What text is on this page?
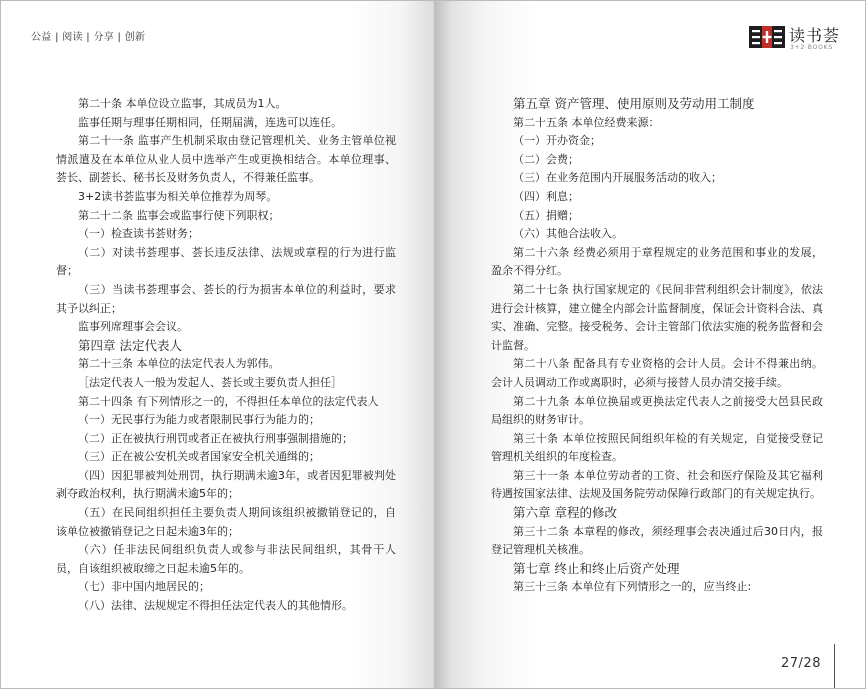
公益 | 阅读 | 分享 | 创新	读书荟
3+2 BOOKS

第二十条 本单位设立监事，其成员为1人。

监事任期与理事任期相同，任期届满，连选可以连任。

第二十一条 监事产生机制采取由登记管理机关、业务主管单位视情派遣及在本单位从业人员中选举产生或更换相结合。本单位理事、荟长、副荟长、秘书长及财务负责人，不得兼任监事。

3+2读书荟监事为相关单位推荐为周琴。

第二十二条 监事会或监事行使下列职权；

（一）检查读书荟财务；

（二）对读书荟理事、荟长违反法律、法规或章程的行为进行监督；

（三）当读书荟理事会、荟长的行为损害本单位的利益时，要求其予以纠正；

监事列席理事会会议。

第四章 法定代表人

第二十三条 本单位的法定代表人为郭伟。

［法定代表人一般为发起人、荟长或主要负责人担任］

第二十四条 有下列情形之一的，不得担任本单位的法定代表人

（一）无民事行为能力或者限制民事行为能力的；

（二）正在被执行刑罚或者正在被执行刑事强制措施的；

（三）正在被公安机关或者国家安全机关通缉的；

（四）因犯罪被判处刑罚，执行期满未逾3年，或者因犯罪被判处剥夺政治权利，执行期满未逾5年的；

（五）在民间组织担任主要负责人期间该组织被撤销登记的，自该单位被撤销登记之日起未逾3年的；

（六）任非法民间组织负责人或参与非法民间组织，其骨干人员，自该组织被取缔之日起未逾5年的。

（七）非中国内地居民的；

（八）法律、法规规定不得担任法定代表人的其他情形。

第五章 资产管理、使用原则及劳动用工制度

第二十五条 本单位经费来源：

（一）开办资金；

（二）会费；

（三）在业务范围内开展服务活动的收入；

（四）利息；

（五）捐赠；

（六）其他合法收入。

第二十六条 经费必须用于章程规定的业务范围和事业的发展，盈余不得分红。

第二十七条 执行国家规定的《民间非营利组织会计制度》，依法进行会计核算，建立健全内部会计监督制度，保证会计资料合法、真实、准确、完整。接受税务、会计主管部门依法实施的税务监督和会计监督。

第二十八条 配备具有专业资格的会计人员。会计不得兼出纳。会计人员调动工作或离职时，必须与接替人员办清交接手续。

第二十九条 本单位换届或更换法定代表人之前接受大邑县民政局组织的财务审计。

第三十条 本单位按照民间组织年检的有关规定，自觉接受登记管理机关组织的年度检查。

第三十一条 本单位劳动者的工资、社会和医疗保险及其它福利待遇按国家法律、法规及国务院劳动保障行政部门的有关规定执行。

第六章 章程的修改

第三十二条 本章程的修改，须经理事会表决通过后30日内，报登记管理机关核准。

第七章 终止和终止后资产处理

第三十三条 本单位有下列情形之一的，应当终止:

27/28
